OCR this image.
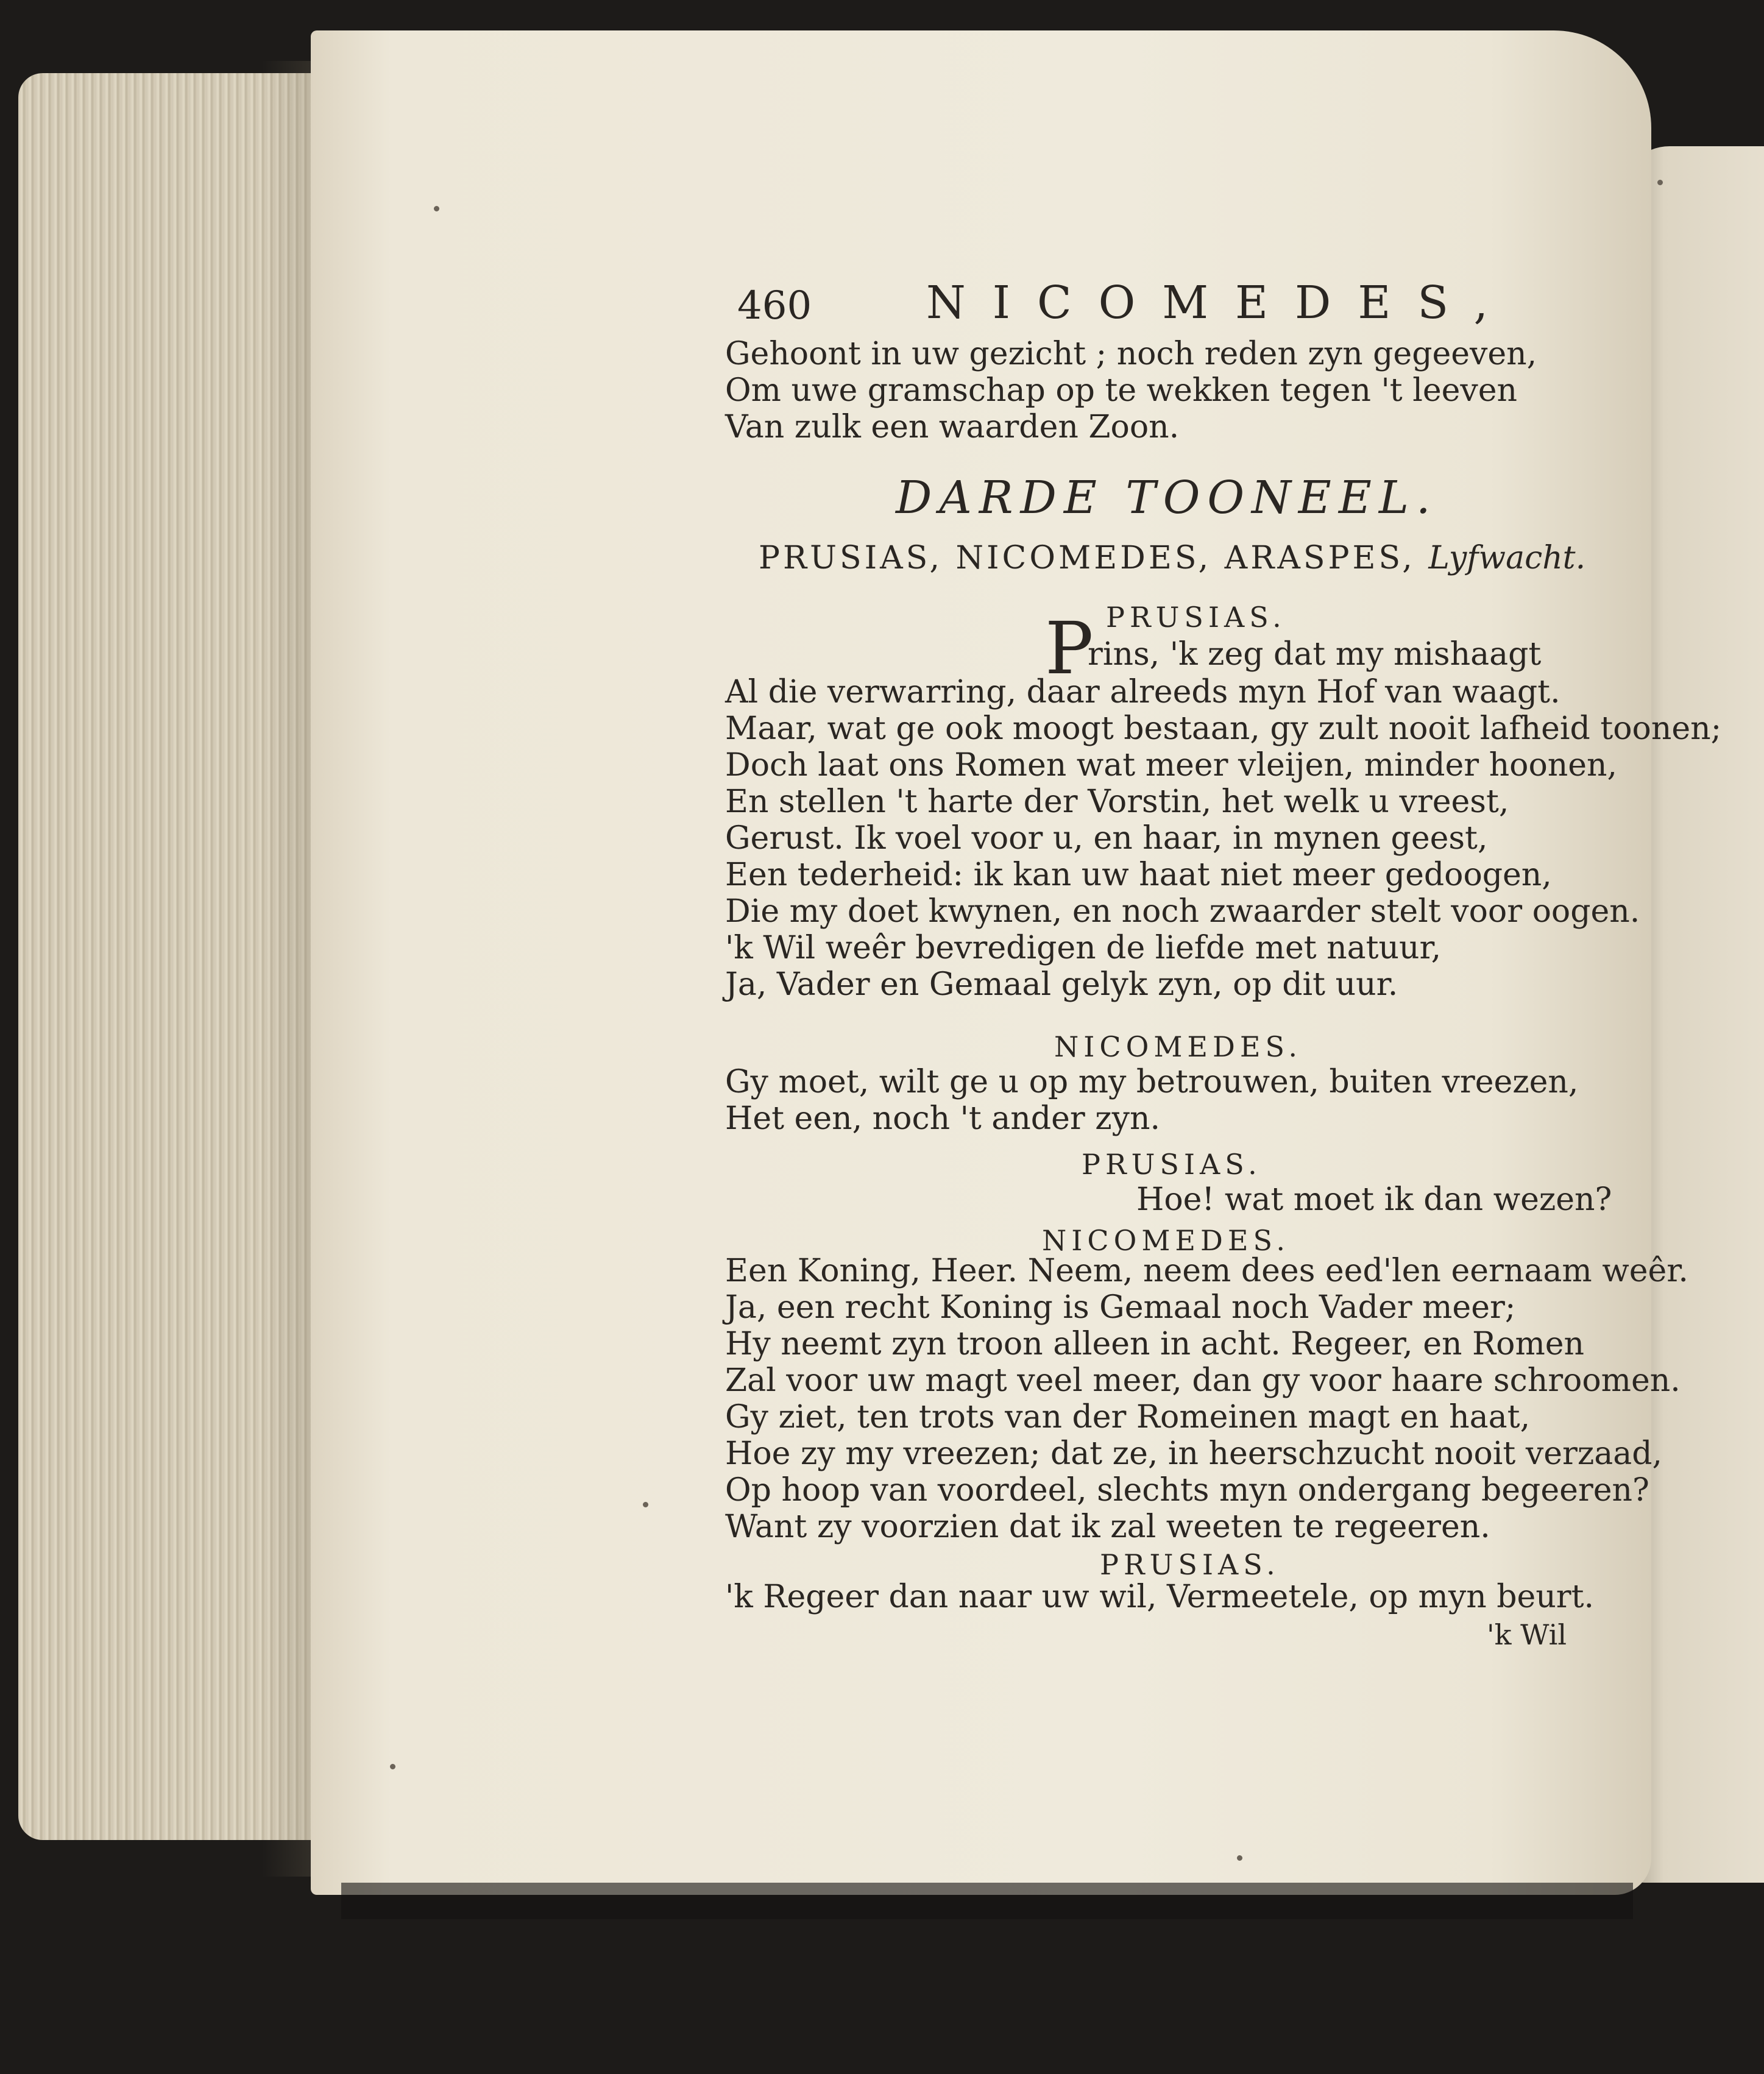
460	NICOMEDES,
Gehoont in uw gezicht ; noch reden zyn gegeeven,
Om uwe gramschap op te wekken tegen 't leeven
Van zulk een waarden Zoon.
DARDE TOONEEL.
PRUSIAS, NICOMEDES, ARASPES, Lyfwacht.
PRUSIAS.
P
rins, 'k zeg dat my mishaagt
Al die verwarring, daar alreeds myn Hof van waagt.
Maar, wat ge ook moogt bestaan, gy zult nooit lafheid toonen;
Doch laat ons Romen wat meer vleijen, minder hoonen,
En stellen 't harte der Vorstin, het welk u vreest,
Gerust. Ik voel voor u, en haar, in mynen geest,
Een tederheid: ik kan uw haat niet meer gedoogen,
Die my doet kwynen, en noch zwaarder stelt voor oogen.
'k Wil weêr bevredigen de liefde met natuur,
Ja, Vader en Gemaal gelyk zyn, op dit uur.
NICOMEDES.
Gy moet, wilt ge u op my betrouwen, buiten vreezen,
Het een, noch 't ander zyn.
PRUSIAS.
Hoe! wat moet ik dan wezen?
NICOMEDES.
Een Koning, Heer. Neem, neem dees eed'len eernaam weêr.
Ja, een recht Koning is Gemaal noch Vader meer;
Hy neemt zyn troon alleen in acht. Regeer, en Romen
Zal voor uw magt veel meer, dan gy voor haare schroomen.
Gy ziet, ten trots van der Romeinen magt en haat,
Hoe zy my vreezen; dat ze, in heerschzucht nooit verzaad,
Op hoop van voordeel, slechts myn ondergang begeeren?
Want zy voorzien dat ik zal weeten te regeeren.
PRUSIAS.
'k Regeer dan naar uw wil, Vermeetele, op myn beurt.
'k Wil
